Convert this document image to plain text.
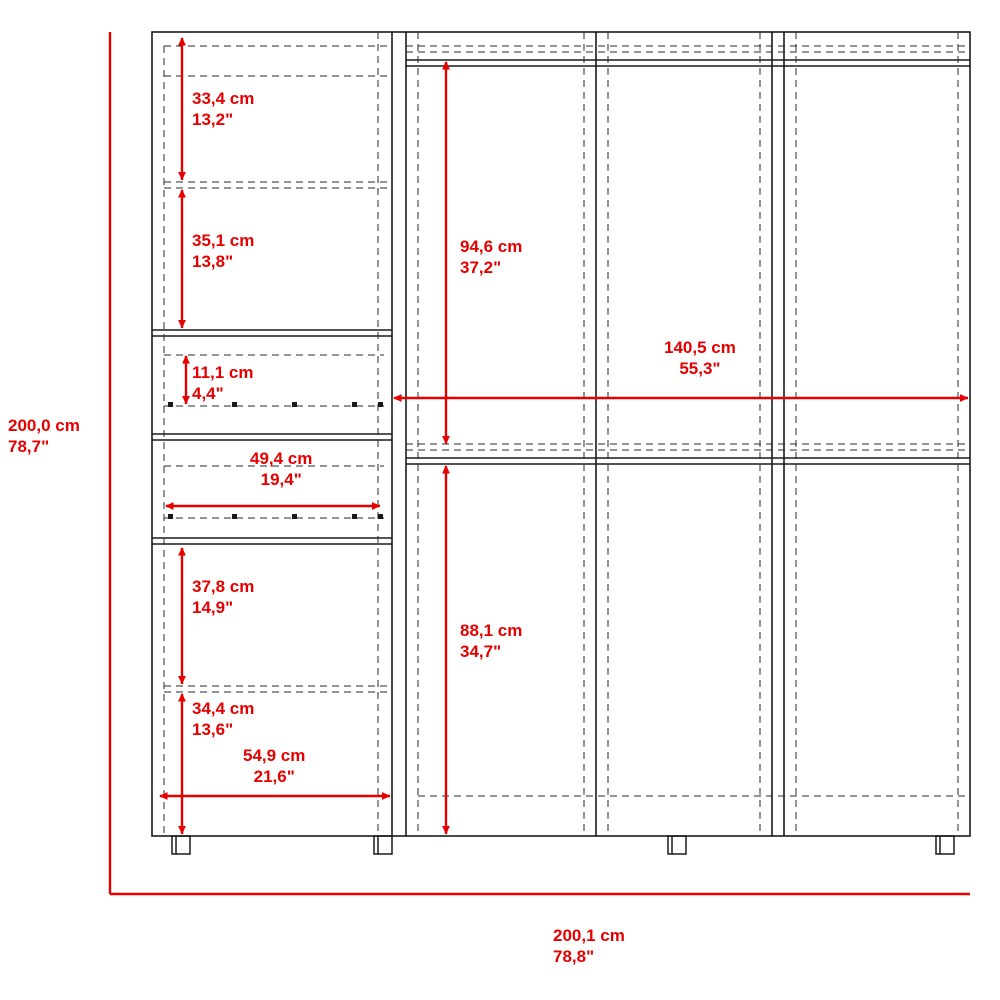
200,0 cm
78,7"
200,1 cm
78,8"
33,4 cm
13,2"
35,1 cm
13,8"
11,1 cm
4,4"
49,4 cm
19,4"
37,8 cm
14,9"
34,4 cm
13,6"
54,9 cm
21,6"
94,6 cm
37,2"
88,1 cm
34,7"
140,5 cm
55,3"
